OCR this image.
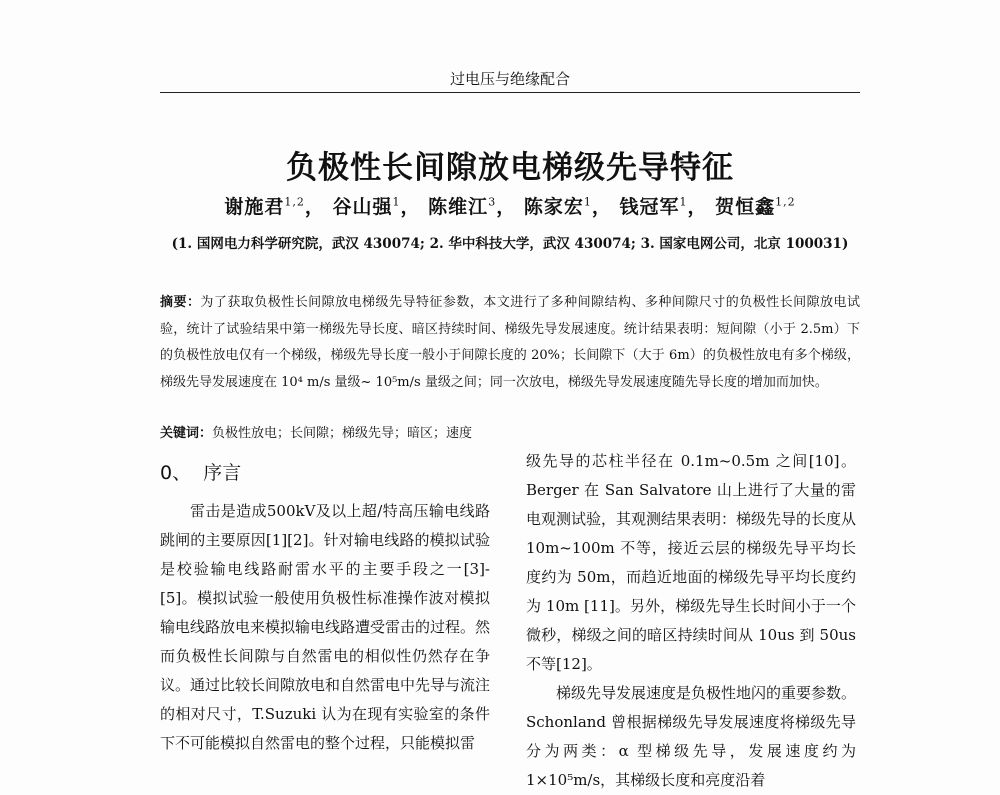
过电压与绝缘配合
负极性长间隙放电梯级先导特征
谢施君$^{1,2}$， 谷山强$^1$， 陈维江$^3$， 陈家宏$^1$， 钱冠军$^1$， 贺恒鑫$^{1,2}$
(1. 国网电力科学研究院，武汉 430074; 2. 华中科技大学，武汉 430074; 3. 国家电网公司，北京 100031)
摘要：为了获取负极性长间隙放电梯级先导特征参数，本文进行了多种间隙结构、多种间隙尺寸的负极性长间隙放电试验，统计了试验结果中第一梯级先导长度、暗区持续时间、梯级先导发展速度。统计结果表明：短间隙（小于 2.5m）下的负极性放电仅有一个梯级，梯级先导长度一般小于间隙长度的 20%；长间隙下（大于 6m）的负极性放电有多个梯级，梯级先导发展速度在 10⁴ m/s 量级~ 10⁵m/s 量级之间；同一次放电，梯级先导发展速度随先导长度的增加而加快。
关键词：负极性放电；长间隙；梯级先导；暗区；速度
0、 序言

雷击是造成500kV及以上超/特高压输电线路跳闸的主要原因[1][2]。针对输电线路的模拟试验是校验输电线路耐雷水平的主要手段之一[3]-[5]。模拟试验一般使用负极性标准操作波对模拟输电线路放电来模拟输电线路遭受雷击的过程。然而负极性长间隙与自然雷电的相似性仍然存在争议。通过比较长间隙放电和自然雷电中先导与流注的相对尺寸，T.Suzuki 认为在现有实验室的条件下不可能模拟自然雷电的整个过程，只能模拟雷

级先导的芯柱半径在 0.1m~0.5m 之间[10]。Berger 在 San Salvatore 山上进行了大量的雷电观测试验，其观测结果表明：梯级先导的长度从 10m~100m 不等，接近云层的梯级先导平均长度约为 50m，而趋近地面的梯级先导平均长度约为 10m [11]。另外，梯级先导生长时间小于一个微秒，梯级之间的暗区持续时间从 10us 到 50us 不等[12]。

梯级先导发展速度是负极性地闪的重要参数。Schonland 曾根据梯级先导发展速度将梯级先导分为两类：α 型梯级先导，发展速度约为 1×10⁵m/s，其梯级长度和亮度沿着
